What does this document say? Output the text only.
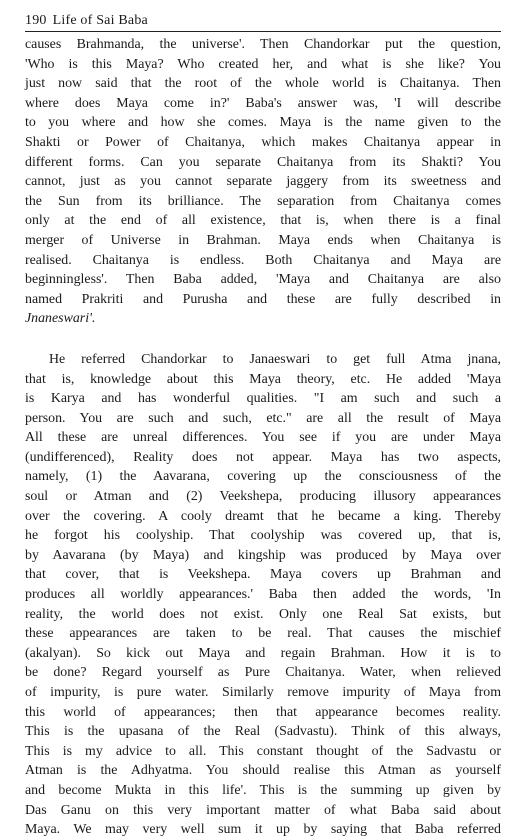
190 Life of Sai Baba
causes Brahmanda, the universe'. Then Chandorkar put the question,
'Who is this Maya? Who created her, and what is she like? You
just now said that the root of the whole world is Chaitanya. Then
where does Maya come in?' Baba's answer was, 'I will describe
to you where and how she comes. Maya is the name given to the
Shakti or Power of Chaitanya, which makes Chaitanya appear in
different forms. Can you separate Chaitanya from its Shakti? You
cannot, just as you cannot separate jaggery from its sweetness and
the Sun from its brilliance. The separation from Chaitanya comes
only at the end of all existence, that is, when there is a final
merger of Universe in Brahman. Maya ends when Chaitanya is
realised. Chaitanya is endless. Both Chaitanya and Maya are
beginningless'. Then Baba added, 'Maya and Chaitanya are also
named Prakriti and Purusha and these are fully described in
Jnaneswari'.
He referred Chandorkar to Janaeswari to get full Atma jnana,
that is, knowledge about this Maya theory, etc. He added 'Maya
is Karya and has wonderful qualities. "I am such and such a
person. You are such and such, etc." are all the result of Maya
All these are unreal differences. You see if you are under Maya
(undifferenced), Reality does not appear. Maya has two aspects,
namely, (1) the Aavarana, covering up the consciousness of the
soul or Atman and (2) Veekshepa, producing illusory appearances
over the covering. A cooly dreamt that he became a king. Thereby
he forgot his coolyship. That coolyship was covered up, that is,
by Aavarana (by Maya) and kingship was produced by Maya over
that cover, that is Veekshepa. Maya covers up Brahman and
produces all worldly appearances.' Baba then added the words, 'In
reality, the world does not exist. Only one Real Sat exists, but
these appearances are taken to be real. That causes the mischief
(akalyan). So kick out Maya and regain Brahman. How it is to
be done? Regard yourself as Pure Chaitanya. Water, when relieved
of impurity, is pure water. Similarly remove impurity of Maya from
this world of appearances; then that appearance becomes reality.
This is the upasana of the Real (Sadvastu). Think of this always,
This is my advice to all. This constant thought of the Sadvastu or
Atman is the Adhyatma. You should realise this Atman as yourself
and become Mukta in this life'. This is the summing up given by
Das Ganu on this very important matter of what Baba said about
Maya. We may very well sum it up by saying that Baba referred
